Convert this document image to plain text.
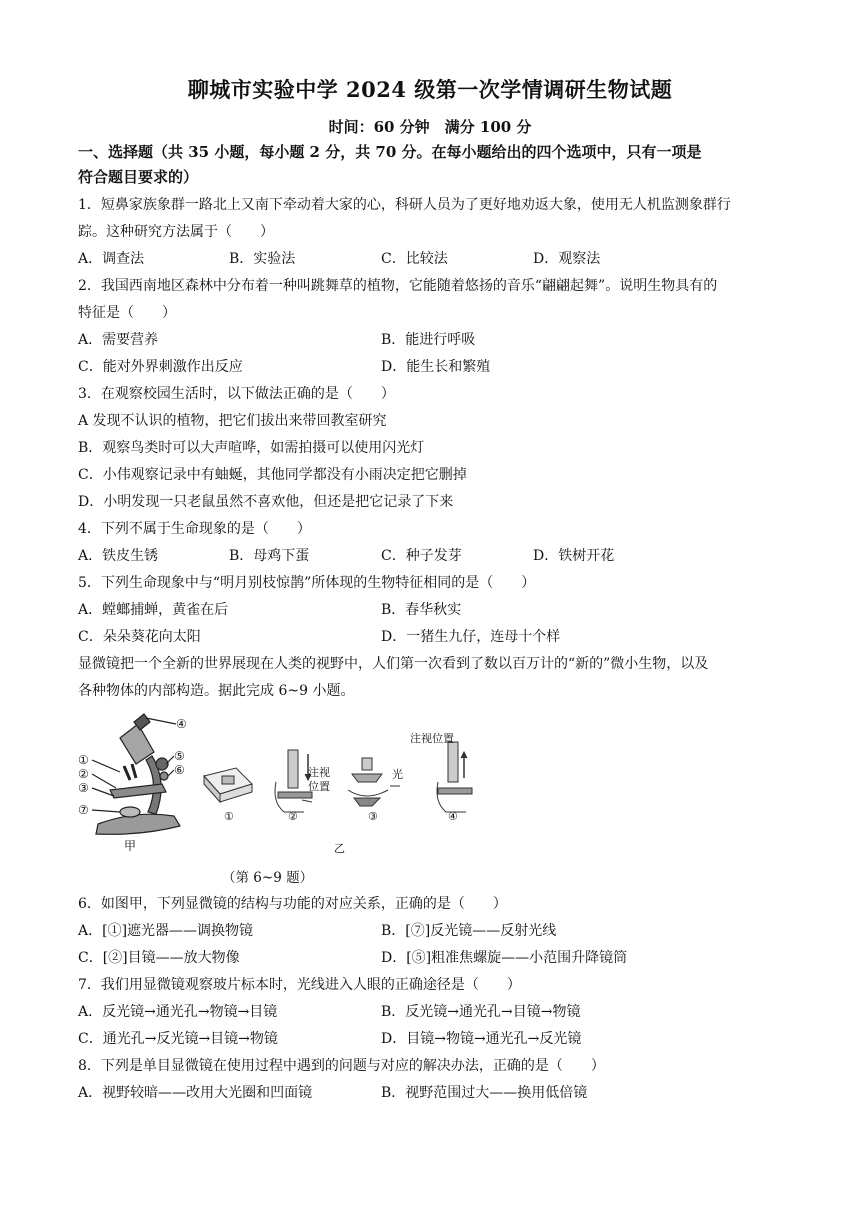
聊城市实验中学 2024 级第一次学情调研生物试题
时间：60 分钟　满分 100 分
一、选择题（共 35 小题，每小题 2 分，共 70 分。在每小题给出的四个选项中，只有一项是
符合题目要求的）
1．短鼻家族象群一路北上又南下牵动着大家的心，科研人员为了更好地劝返大象，使用无人机监测象群行
踪。这种研究方法属于（　　）
A．调查法	B．实验法	C．比较法	D．观察法
2．我国西南地区森林中分布着一种叫跳舞草的植物，它能随着悠扬的音乐“翩翩起舞”。说明生物具有的
特征是（　　）
A．需要营养	B．能进行呼吸
C．能对外界刺激作出反应	D．能生长和繁殖
3．在观察校园生活时，以下做法正确的是（　　）
A 发现不认识的植物，把它们拔出来带回教室研究
B．观察鸟类时可以大声喧哗，如需拍摄可以使用闪光灯
C．小伟观察记录中有蚰蜒，其他同学都没有小雨决定把它删掉
D．小明发现一只老鼠虽然不喜欢他，但还是把它记录了下来
4．下列不属于生命现象的是（　　）
A．铁皮生锈	B．母鸡下蛋	C．种子发芽	D．铁树开花
5．下列生命现象中与“明月别枝惊鹊”所体现的生物特征相同的是（　　）
A．螳螂捕蝉，黄雀在后	B．春华秋实
C．朵朵葵花向太阳	D．一猪生九仔，连母十个样
显微镜把一个全新的世界展现在人类的视野中，人们第一次看到了数以百万计的“新的”微小生物，以及
各种物体的内部构造。据此完成 6~9 小题。
①
②
③
⑦
④
⑤
⑥
甲
注视
位置
光
注视位置
①	②	③	④
乙
（第 6~9 题）
6．如图甲，下列显微镜的结构与功能的对应关系，正确的是（　　）
A．[①]遮光器——调换物镜	B．[⑦]反光镜——反射光线
C．[②]目镜——放大物像	D．[⑤]粗准焦螺旋——小范围升降镜筒
7．我们用显微镜观察玻片标本时，光线进入人眼的正确途径是（　　）
A．反光镜→通光孔→物镜→目镜	B．反光镜→通光孔→目镜→物镜
C．通光孔→反光镜→目镜→物镜	D．目镜→物镜→通光孔→反光镜
8．下列是单目显微镜在使用过程中遇到的问题与对应的解决办法，正确的是（　　）
A．视野较暗——改用大光圈和凹面镜	B．视野范围过大——换用低倍镜
